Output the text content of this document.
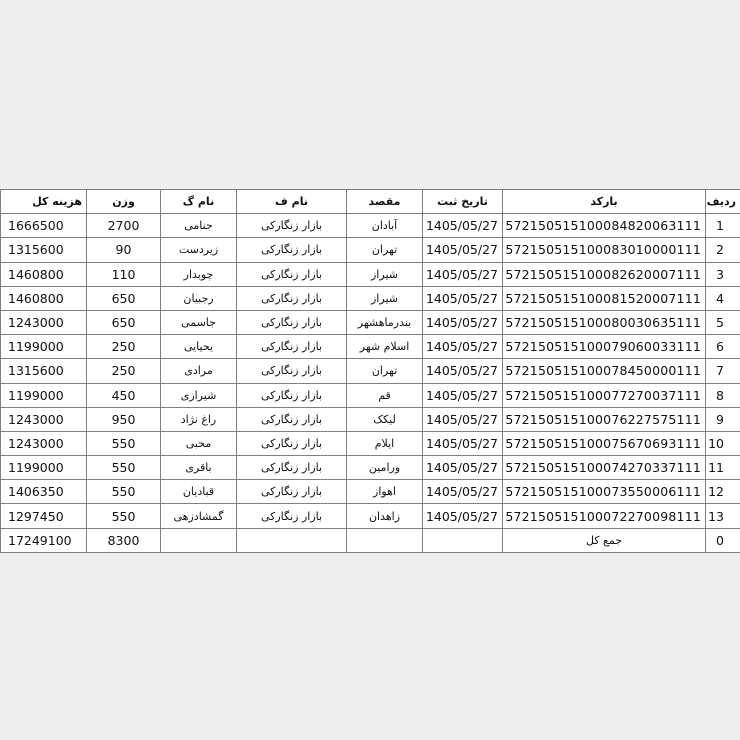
ردیف	بارکد	تاریخ ثبت	مقصد	نام ف	نام گ	وزن	هزینه کل
1	572150515100084820063111	1405/05/27	آبادان	بازار زنگارکی	جنامی	2700	1666500
2	572150515100083010000111	1405/05/27	تهران	بازار زنگارکی	زیردست	90	1315600
3	572150515100082620007111	1405/05/27	شیراز	بازار زنگارکی	چوبدار	110	1460800
4	572150515100081520007111	1405/05/27	شیراز	بازار زنگارکی	رجبیان	650	1460800
5	572150515100080030635111	1405/05/27	بندرماهشهر	بازار زنگارکی	جاسمی	650	1243000
6	572150515100079060033111	1405/05/27	اسلام شهر	بازار زنگارکی	یحیایی	250	1199000
7	572150515100078450000111	1405/05/27	تهران	بازار زنگارکی	مرادی	250	1315600
8	572150515100077270037111	1405/05/27	قم	بازار زنگارکی	شیرازی	450	1199000
9	572150515100076227575111	1405/05/27	لیکک	بازار زنگارکی	راغ نژاد	950	1243000
10	572150515100075670693111	1405/05/27	ایلام	بازار زنگارکی	محبی	550	1243000
11	572150515100074270337111	1405/05/27	ورامین	بازار زنگارکی	باقری	550	1199000
12	572150515100073550006111	1405/05/27	اهواز	بازار زنگارکی	قبادیان	550	1406350
13	572150515100072270098111	1405/05/27	زاهدان	بازار زنگارکی	گمشادزهی	550	1297450
0	جمع کل					8300	17249100
